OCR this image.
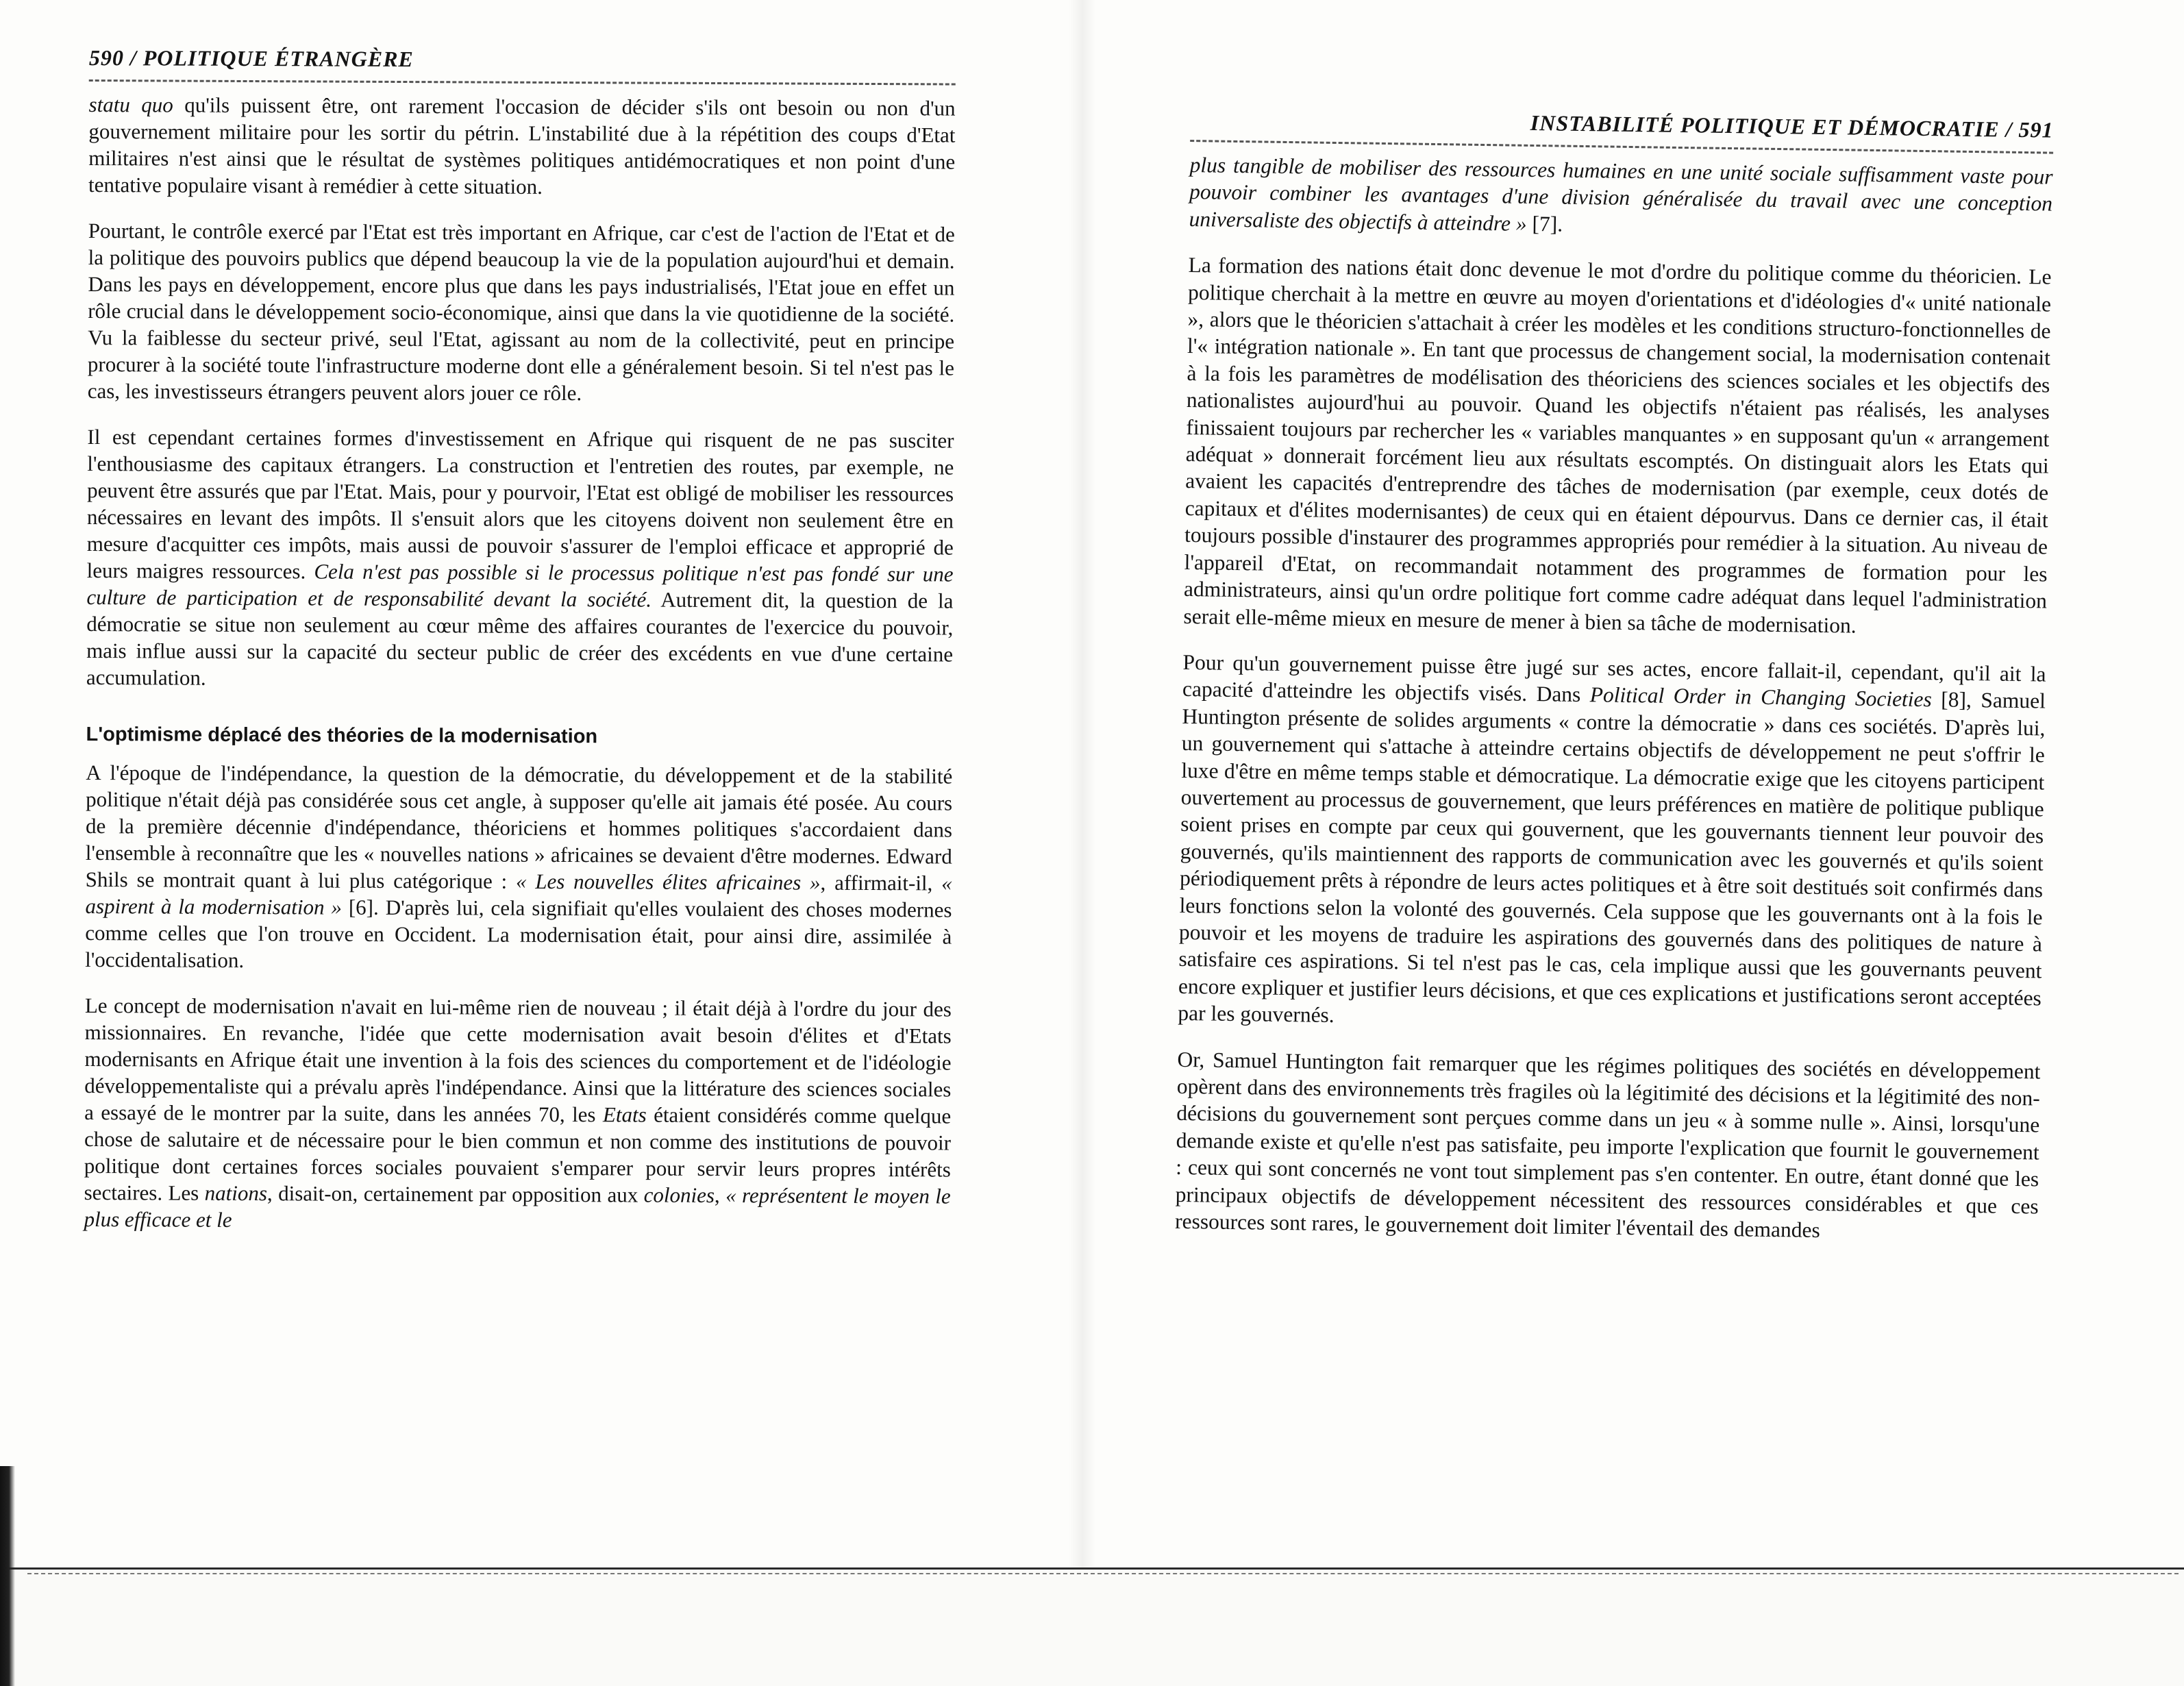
590 / POLITIQUE ÉTRANGÈRE

statu quo qu'ils puissent être, ont rarement l'occasion de décider s'ils ont besoin ou non d'un gouvernement militaire pour les sortir du pétrin. L'instabilité due à la répétition des coups d'Etat militaires n'est ainsi que le résultat de systèmes politiques antidémocratiques et non point d'une tentative populaire visant à remédier à cette situation.

Pourtant, le contrôle exercé par l'Etat est très important en Afrique, car c'est de l'action de l'Etat et de la politique des pouvoirs publics que dépend beaucoup la vie de la population aujourd'hui et demain. Dans les pays en développement, encore plus que dans les pays industrialisés, l'Etat joue en effet un rôle crucial dans le développement socio-économique, ainsi que dans la vie quotidienne de la société. Vu la faiblesse du secteur privé, seul l'Etat, agissant au nom de la collectivité, peut en principe procurer à la société toute l'infrastructure moderne dont elle a généralement besoin. Si tel n'est pas le cas, les investisseurs étrangers peuvent alors jouer ce rôle.

Il est cependant certaines formes d'investissement en Afrique qui risquent de ne pas susciter l'enthousiasme des capitaux étrangers. La construction et l'entretien des routes, par exemple, ne peuvent être assurés que par l'Etat. Mais, pour y pourvoir, l'Etat est obligé de mobiliser les ressources nécessaires en levant des impôts. Il s'ensuit alors que les citoyens doivent non seulement être en mesure d'acquitter ces impôts, mais aussi de pouvoir s'assurer de l'emploi efficace et approprié de leurs maigres ressources. Cela n'est pas possible si le processus politique n'est pas fondé sur une culture de participation et de responsabilité devant la société. Autrement dit, la question de la démocratie se situe non seulement au cœur même des affaires courantes de l'exercice du pouvoir, mais influe aussi sur la capacité du secteur public de créer des excédents en vue d'une certaine accumulation.

L'optimisme déplacé des théories de la modernisation

A l'époque de l'indépendance, la question de la démocratie, du développement et de la stabilité politique n'était déjà pas considérée sous cet angle, à supposer qu'elle ait jamais été posée. Au cours de la première décennie d'indépendance, théoriciens et hommes politiques s'accordaient dans l'ensemble à reconnaître que les « nouvelles nations » africaines se devaient d'être modernes. Edward Shils se montrait quant à lui plus catégorique : « Les nouvelles élites africaines », affirmait-il, « aspirent à la modernisation » [6]. D'après lui, cela signifiait qu'elles voulaient des choses modernes comme celles que l'on trouve en Occident. La modernisation était, pour ainsi dire, assimilée à l'occidentalisation.

Le concept de modernisation n'avait en lui-même rien de nouveau ; il était déjà à l'ordre du jour des missionnaires. En revanche, l'idée que cette modernisation avait besoin d'élites et d'Etats modernisants en Afrique était une invention à la fois des sciences du comportement et de l'idéologie développementaliste qui a prévalu après l'indépendance. Ainsi que la littérature des sciences sociales a essayé de le montrer par la suite, dans les années 70, les Etats étaient considérés comme quelque chose de salutaire et de nécessaire pour le bien commun et non comme des institutions de pouvoir politique dont certaines forces sociales pouvaient s'emparer pour servir leurs propres intérêts sectaires. Les nations, disait-on, certainement par opposition aux colonies, « représentent le moyen le plus efficace et le

INSTABILITÉ POLITIQUE ET DÉMOCRATIE / 591

plus tangible de mobiliser des ressources humaines en une unité sociale suffisamment vaste pour pouvoir combiner les avantages d'une division généralisée du travail avec une conception universaliste des objectifs à atteindre » [7].

La formation des nations était donc devenue le mot d'ordre du politique comme du théoricien. Le politique cherchait à la mettre en œuvre au moyen d'orientations et d'idéologies d'« unité nationale », alors que le théoricien s'attachait à créer les modèles et les conditions structuro-fonctionnelles de l'« intégration nationale ». En tant que processus de changement social, la modernisation contenait à la fois les paramètres de modélisation des théoriciens des sciences sociales et les objectifs des nationalistes aujourd'hui au pouvoir. Quand les objectifs n'étaient pas réalisés, les analyses finissaient toujours par rechercher les « variables manquantes » en supposant qu'un « arrangement adéquat » donnerait forcément lieu aux résultats escomptés. On distinguait alors les Etats qui avaient les capacités d'entreprendre des tâches de modernisation (par exemple, ceux dotés de capitaux et d'élites modernisantes) de ceux qui en étaient dépourvus. Dans ce dernier cas, il était toujours possible d'instaurer des programmes appropriés pour remédier à la situation. Au niveau de l'appareil d'Etat, on recommandait notamment des programmes de formation pour les administrateurs, ainsi qu'un ordre politique fort comme cadre adéquat dans lequel l'administration serait elle-même mieux en mesure de mener à bien sa tâche de modernisation.

Pour qu'un gouvernement puisse être jugé sur ses actes, encore fallait-il, cependant, qu'il ait la capacité d'atteindre les objectifs visés. Dans Political Order in Changing Societies [8], Samuel Huntington présente de solides arguments « contre la démocratie » dans ces sociétés. D'après lui, un gouvernement qui s'attache à atteindre certains objectifs de développement ne peut s'offrir le luxe d'être en même temps stable et démocratique. La démocratie exige que les citoyens participent ouvertement au processus de gouvernement, que leurs préférences en matière de politique publique soient prises en compte par ceux qui gouvernent, que les gouvernants tiennent leur pouvoir des gouvernés, qu'ils maintiennent des rapports de communication avec les gouvernés et qu'ils soient périodiquement prêts à répondre de leurs actes politiques et à être soit destitués soit confirmés dans leurs fonctions selon la volonté des gouvernés. Cela suppose que les gouvernants ont à la fois le pouvoir et les moyens de traduire les aspirations des gouvernés dans des politiques de nature à satisfaire ces aspirations. Si tel n'est pas le cas, cela implique aussi que les gouvernants peuvent encore expliquer et justifier leurs décisions, et que ces explications et justifications seront acceptées par les gouvernés.

Or, Samuel Huntington fait remarquer que les régimes politiques des sociétés en développement opèrent dans des environnements très fragiles où la légitimité des décisions et la légitimité des non-décisions du gouvernement sont perçues comme dans un jeu « à somme nulle ». Ainsi, lorsqu'une demande existe et qu'elle n'est pas satisfaite, peu importe l'explication que fournit le gouvernement : ceux qui sont concernés ne vont tout simplement pas s'en contenter. En outre, étant donné que les principaux objectifs de développement nécessitent des ressources considérables et que ces ressources sont rares, le gouvernement doit limiter l'éventail des demandes
